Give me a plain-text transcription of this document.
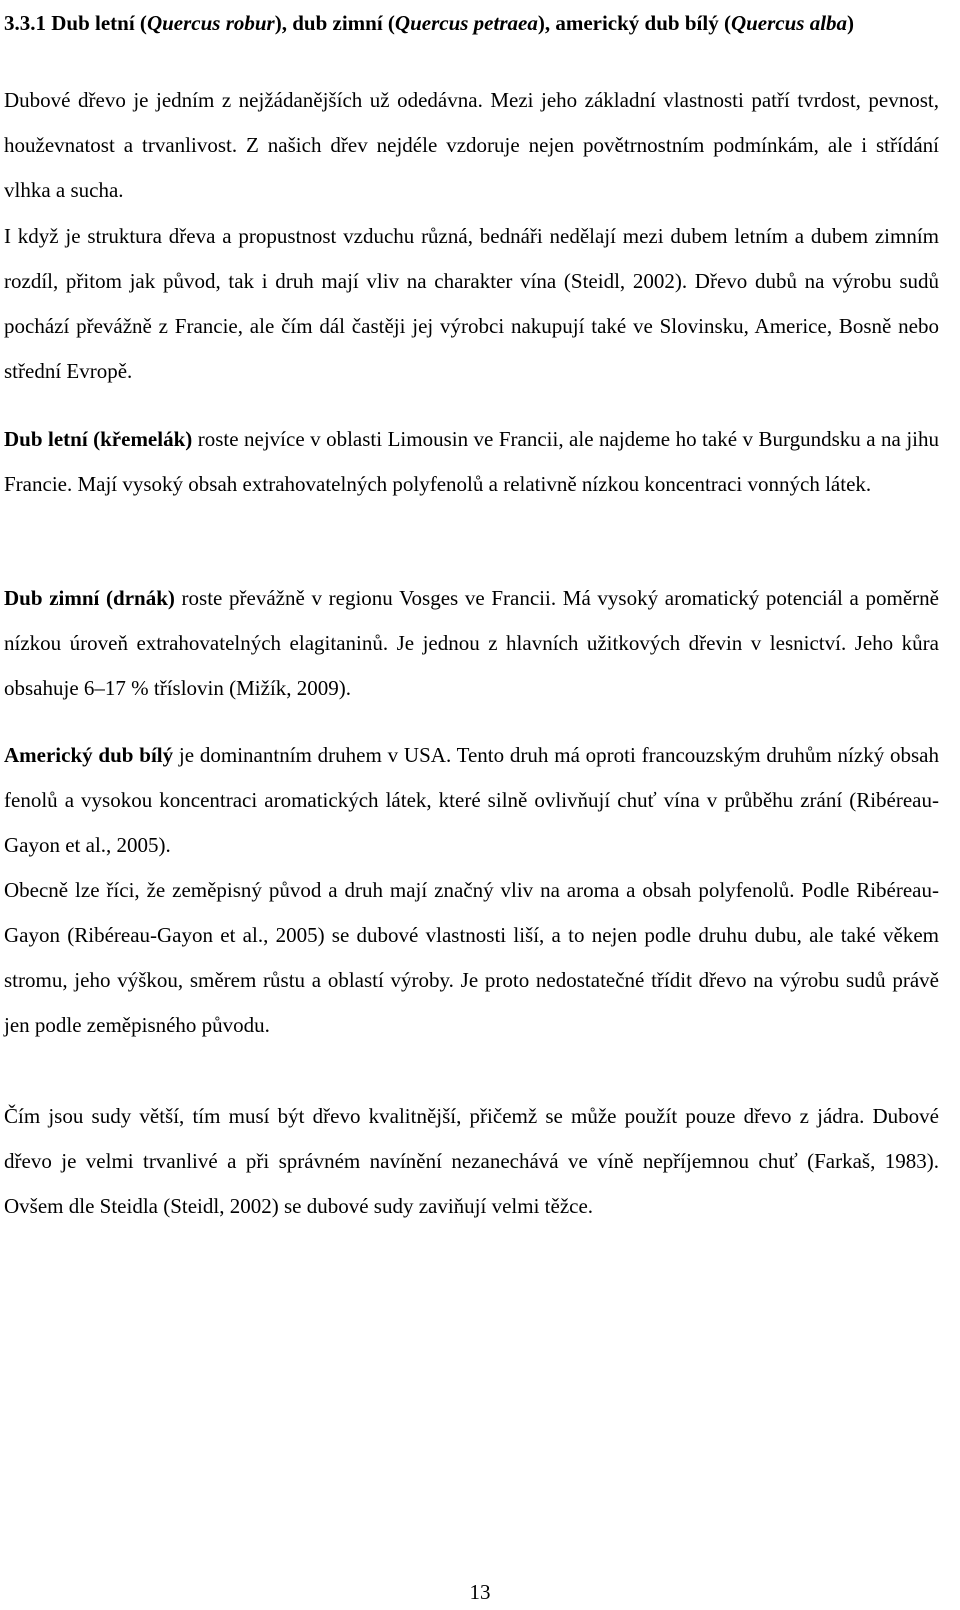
3.3.1 Dub letní (Quercus robur), dub zimní (Quercus petraea), americký dub bílý (Quercus alba)

Dubové dřevo je jedním z nejžádanějších už odedávna. Mezi jeho základní vlastnosti patří tvrdost, pevnost, houževnatost a trvanlivost. Z našich dřev nejdéle vzdoruje nejen povětrnostním podmínkám, ale i střídání vlhka a sucha.

I když je struktura dřeva a propustnost vzduchu různá, bednáři nedělají mezi dubem letním a dubem zimním rozdíl, přitom jak původ, tak i druh mají vliv na charakter vína (Steidl, 2002). Dřevo dubů na výrobu sudů pochází převážně z Francie, ale čím dál častěji jej výrobci nakupují také ve Slovinsku, Americe, Bosně nebo střední Evropě.

Dub letní (křemelák) roste nejvíce v oblasti Limousin ve Francii, ale najdeme ho také v Burgundsku a na jihu Francie. Mají vysoký obsah extrahovatelných polyfenolů a relativně nízkou koncentraci vonných látek.

Dub zimní (drnák) roste převážně v regionu Vosges ve Francii. Má vysoký aromatický potenciál a poměrně nízkou úroveň extrahovatelných elagitaninů. Je jednou z hlavních užitkových dřevin v lesnictví. Jeho kůra obsahuje 6–17 % tříslovin (Mižík, 2009).

Americký dub bílý je dominantním druhem v USA. Tento druh má oproti francouzským druhům nízký obsah fenolů a vysokou koncentraci aromatických látek, které silně ovlivňují chuť vína v průběhu zrání (Ribéreau-Gayon et al., 2005).

Obecně lze říci, že zeměpisný původ a druh mají značný vliv na aroma a obsah polyfenolů. Podle Ribéreau-Gayon (Ribéreau-Gayon et al., 2005) se dubové vlastnosti liší, a to nejen podle druhu dubu, ale také věkem stromu, jeho výškou, směrem růstu a oblastí výroby. Je proto nedostatečné třídit dřevo na výrobu sudů právě jen podle zeměpisného původu.

Čím jsou sudy větší, tím musí být dřevo kvalitnější, přičemž se může použít pouze dřevo z jádra. Dubové dřevo je velmi trvanlivé a při správném navínění nezanechává ve víně nepříjemnou chuť (Farkaš, 1983). Ovšem dle Steidla (Steidl, 2002) se dubové sudy zaviňují velmi těžce.

13
